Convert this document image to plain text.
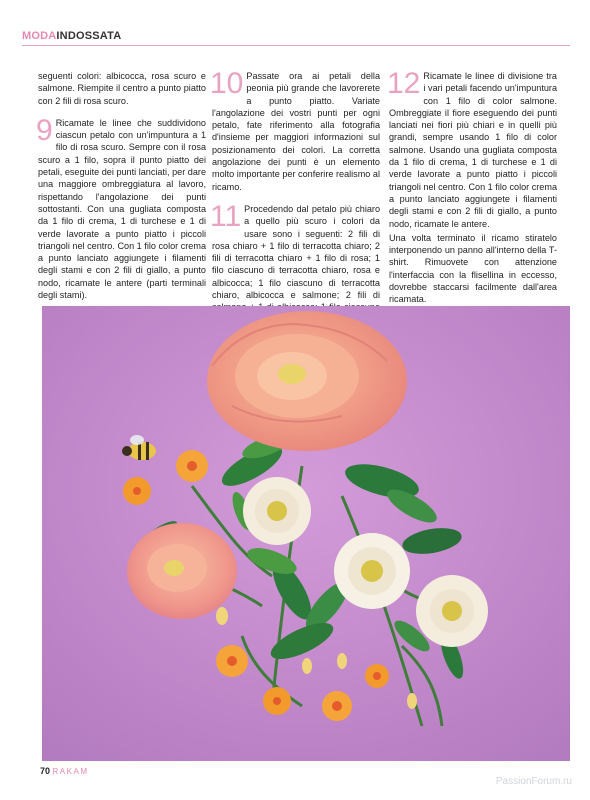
MODAINDOSSATA

seguenti colori: albicocca, rosa scuro e salmone. Riempite il centro a punto piatto con 2 fili di rosa scuro.

9 Ricamate le linee che suddividono ciascun petalo con un'impuntura a 1 filo di rosa scuro. Sempre con il rosa scuro a 1 filo, sopra il punto piatto dei petali, eseguite dei punti lanciati, per dare una maggiore ombreggiatura al lavoro, rispettando l'angolazione dei punti sottostanti. Con una gugliata composta da 1 filo di crema, 1 di turchese e 1 di verde lavorate a punto piatto i piccoli triangoli nel centro. Con 1 filo color crema a punto lanciato aggiungete i filamenti degli stami e con 2 fili di giallo, a punto nodo, ricamate le antere (parti terminali degli stami).

10 Passate ora ai petali della peonia più grande che lavorerete a punto piatto. Variate l'angolazione dei vostri punti per ogni petalo, fate riferimento alla fotografia d'insieme per maggiori informazioni sul posizionamento dei colori. La corretta angolazione dei punti è un elemento molto importante per conferire realismo al ricamo.

11 Procedendo dal petalo più chiaro a quello più scuro i colori da usare sono i seguenti: 2 fili di rosa chiaro + 1 filo di terracotta chiaro; 2 fili di terracotta chiaro + 1 filo di rosa; 1 filo ciascuno di terracotta chiaro, rosa e albicocca; 1 filo ciascuno di terracotta chiaro, albicocca e salmone; 2 fili di

12 Ricamate le linee di divisione tra i vari petali facendo un'impuntura con 1 filo di color salmone. Ombreggiate il fiore eseguendo dei punti lanciati nei fiori più chiari e in quelli più grandi, sempre usando 1 filo di color salmone. Usando una gugliata composta da 1 filo di crema, 1 di turchese e 1 di verde lavorate a punto piatto i piccoli triangoli nel centro. Con 1 filo color crema a punto lanciato aggiungete i filamenti degli stami e con 2 fili di giallo, a punto nodo, ricamate le antere.

Una volta terminato il ricamo stiratelo interponendo un panno all'interno della T-shirt. Rimuovete con attenzione l'interfaccia con la flisellina in eccesso, dovrebbe staccarsi facilmente dall'area ricamata.

70 RAKAM
PassionForum.ru
